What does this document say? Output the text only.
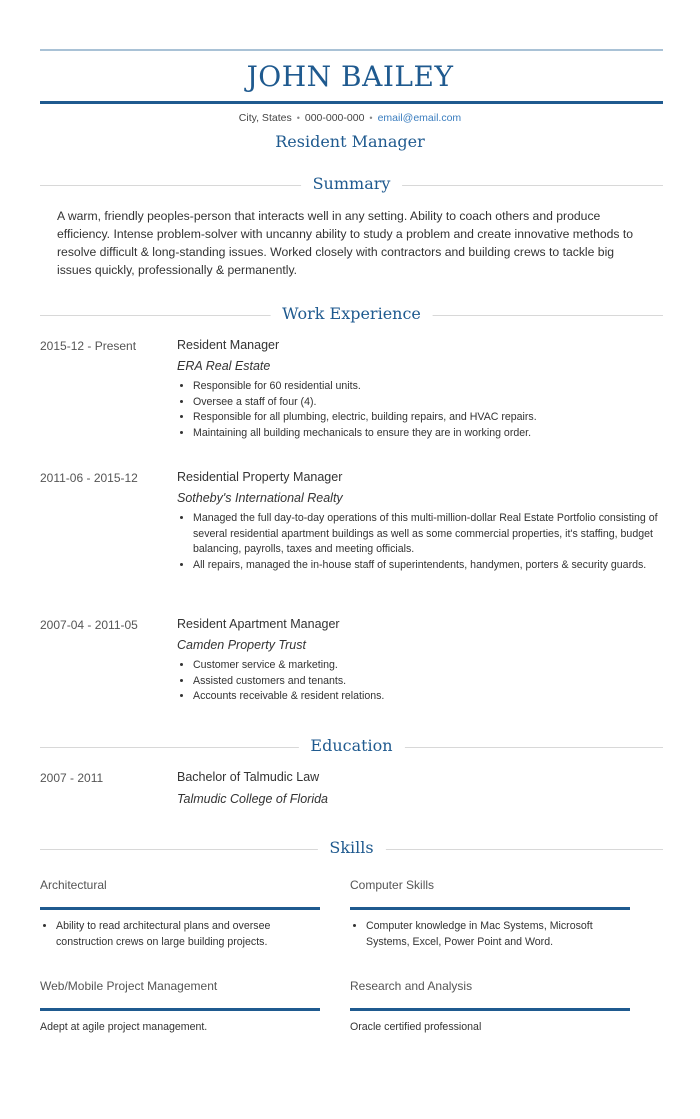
JOHN BAILEY
City, States • 000-000-000 • email@email.com
Resident Manager
Summary
A warm, friendly peoples-person that interacts well in any setting. Ability to coach others and produce efficiency. Intense problem-solver with uncanny ability to study a problem and create innovative methods to resolve difficult & long-standing issues. Worked closely with contractors and building crews to tackle big issues quickly, professionally & permanently.
Work Experience
2015-12 - Present	Resident Manager
ERA Real Estate
• Responsible for 60 residential units.
• Oversee a staff of four (4).
• Responsible for all plumbing, electric, building repairs, and HVAC repairs.
• Maintaining all building mechanicals to ensure they are in working order.
2011-06 - 2015-12	Residential Property Manager
Sotheby's International Realty
• Managed the full day-to-day operations of this multi-million-dollar Real Estate Portfolio consisting of several residential apartment buildings as well as some commercial properties, it's staffing, budget balancing, payrolls, taxes and meeting officials.
• All repairs, managed the in-house staff of superintendents, handymen, porters & security guards.
2007-04 - 2011-05	Resident Apartment Manager
Camden Property Trust
• Customer service & marketing.
• Assisted customers and tenants.
• Accounts receivable & resident relations.
Education
2007 - 2011	Bachelor of Talmudic Law
Talmudic College of Florida
Skills
Architectural
• Ability to read architectural plans and oversee construction crews on large building projects.
Computer Skills
• Computer knowledge in Mac Systems, Microsoft Systems, Excel, Power Point and Word.
Web/Mobile Project Management
Adept at agile project management.
Research and Analysis
Oracle certified professional
